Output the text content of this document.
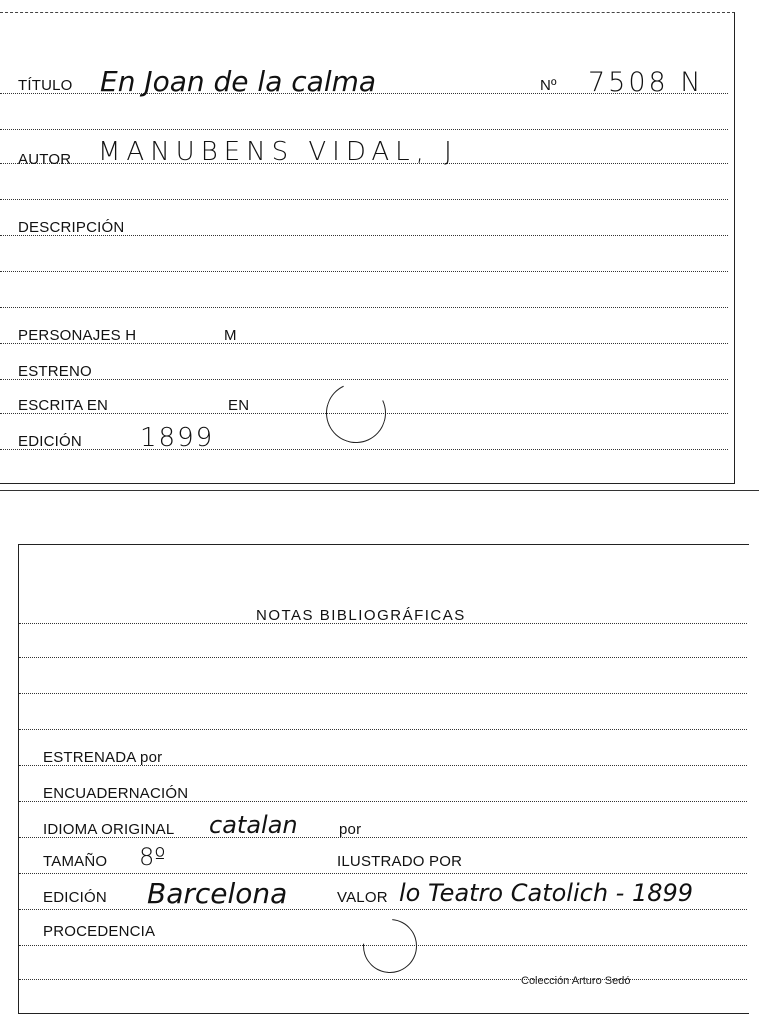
TÍTULO En Joan de la calma	Nº 7508 N
AUTOR MANUBENS VIDAL, J
DESCRIPCIÓN
PERSONAJES H	M
ESTRENO
ESCRITA EN	EN
EDICIÓN 1899
NOTAS BIBLIOGRÁFICAS
ESTRENADA por
ENCUADERNACIÓN
IDIOMA ORIGINAL catalan	por
TAMAÑO 8º	ILUSTRADO POR
EDICIÓN Barcelona	VALOR lo Teatro Catolich - 1899
PROCEDENCIA
Colección Arturo Sedó
